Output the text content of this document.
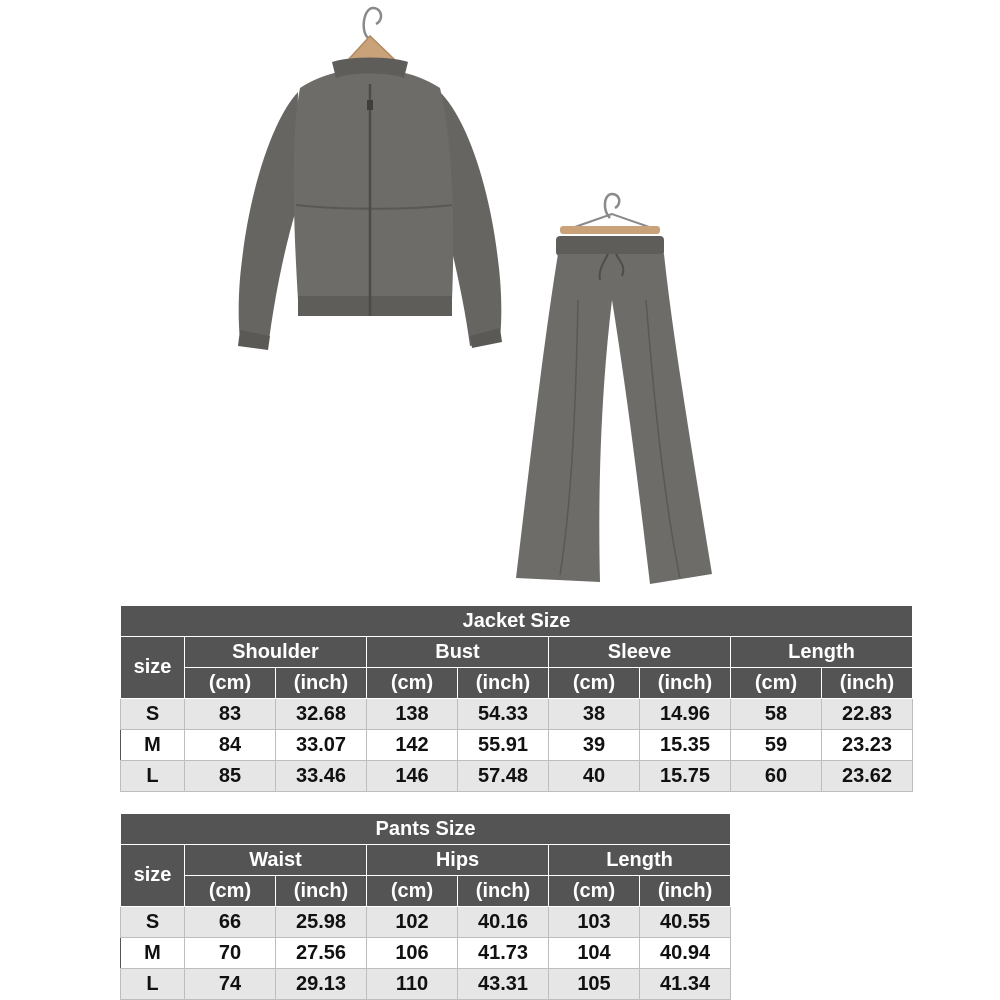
Jacket Size								
size	Shoulder		Bust		Sleeve		Length	
	(cm)	(inch)	(cm)	(inch)	(cm)	(inch)	(cm)	(inch)
S	83	32.68	138	54.33	38	14.96	58	22.83
M	84	33.07	142	55.91	39	15.35	59	23.23
L	85	33.46	146	57.48	40	15.75	60	23.62
Pants Size						
size	Waist		Hips		Length	
	(cm)	(inch)	(cm)	(inch)	(cm)	(inch)
S	66	25.98	102	40.16	103	40.55
M	70	27.56	106	41.73	104	40.94
L	74	29.13	110	43.31	105	41.34
